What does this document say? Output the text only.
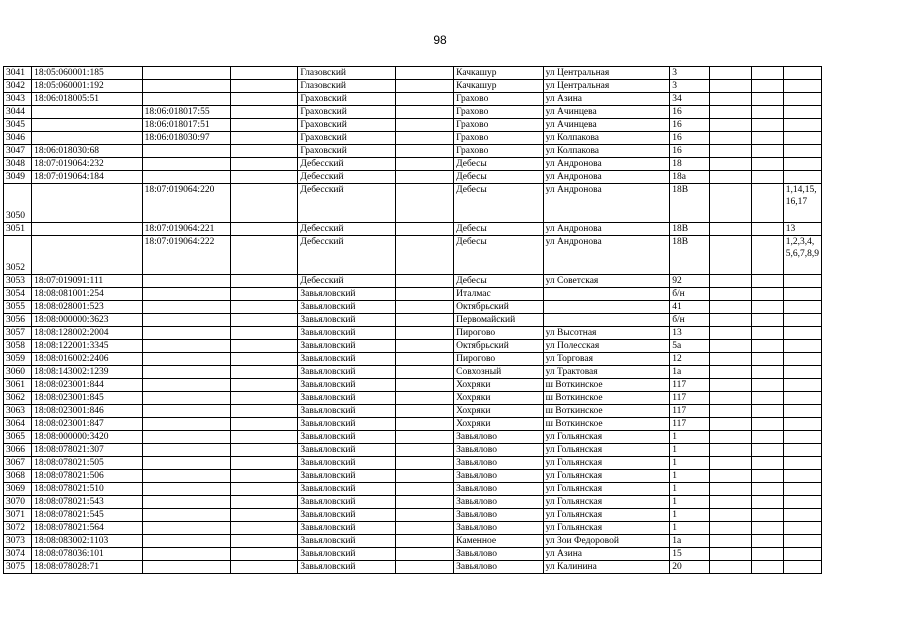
98
3041	18:05:060001:185			Глазовский		Качкашур	ул Центральная	3			
3042	18:05:060001:192			Глазовский		Качкашур	ул Центральная	3			
3043	18:06:018005:51			Граховский		Грахово	ул Азина	34			
3044		18:06:018017:55		Граховский		Грахово	ул Ачинцева	16			
3045		18:06:018017:51		Граховский		Грахово	ул Ачинцева	16			
3046		18:06:018030:97		Граховский		Грахово	ул Колпакова	16			
3047	18:06:018030:68			Граховский		Грахово	ул Колпакова	16			
3048	18:07:019064:232			Дебесский		Дебесы	ул Андронова	18			
3049	18:07:019064:184			Дебесский		Дебесы	ул Андронова	18а			
3050		18:07:019064:220		Дебесский		Дебесы	ул Андронова	18В			1,14,15,16,17
3051		18:07:019064:221		Дебесский		Дебесы	ул Андронова	18В			13
3052		18:07:019064:222		Дебесский		Дебесы	ул Андронова	18В			1,2,3,4,5,6,7,8,9
3053	18:07:019091:111			Дебесский		Дебесы	ул Советская	92			
3054	18:08:081001:254			Завьяловский		Италмас		б/н			
3055	18:08:028001:523			Завьяловский		Октябрьский		41			
3056	18:08:000000:3623			Завьяловский		Первомайский		б/н			
3057	18:08:128002:2004			Завьяловский		Пирогово	ул Высотная	13			
3058	18:08:122001:3345			Завьяловский		Октябрьский	ул Полесская	5а			
3059	18:08:016002:2406			Завьяловский		Пирогово	ул Торговая	12			
3060	18:08:143002:1239			Завьяловский		Совхозный	ул Трактовая	1а			
3061	18:08:023001:844			Завьяловский		Хохряки	ш Воткинское	117			
3062	18:08:023001:845			Завьяловский		Хохряки	ш Воткинское	117			
3063	18:08:023001:846			Завьяловский		Хохряки	ш Воткинское	117			
3064	18:08:023001:847			Завьяловский		Хохряки	ш Воткинское	117			
3065	18:08:000000:3420			Завьяловский		Завьялово	ул Гольянская	1			
3066	18:08:078021:307			Завьяловский		Завьялово	ул Гольянская	1			
3067	18:08:078021:505			Завьяловский		Завьялово	ул Гольянская	1			
3068	18:08:078021:506			Завьяловский		Завьялово	ул Гольянская	1			
3069	18:08:078021:510			Завьяловский		Завьялово	ул Гольянская	1			
3070	18:08:078021:543			Завьяловский		Завьялово	ул Гольянская	1			
3071	18:08:078021:545			Завьяловский		Завьялово	ул Гольянская	1			
3072	18:08:078021:564			Завьяловский		Завьялово	ул Гольянская	1			
3073	18:08:083002:1103			Завьяловский		Каменное	ул Зои Федоровой	1а			
3074	18:08:078036:101			Завьяловский		Завьялово	ул Азина	15			
3075	18:08:078028:71			Завьяловский		Завьялово	ул Калинина	20			
